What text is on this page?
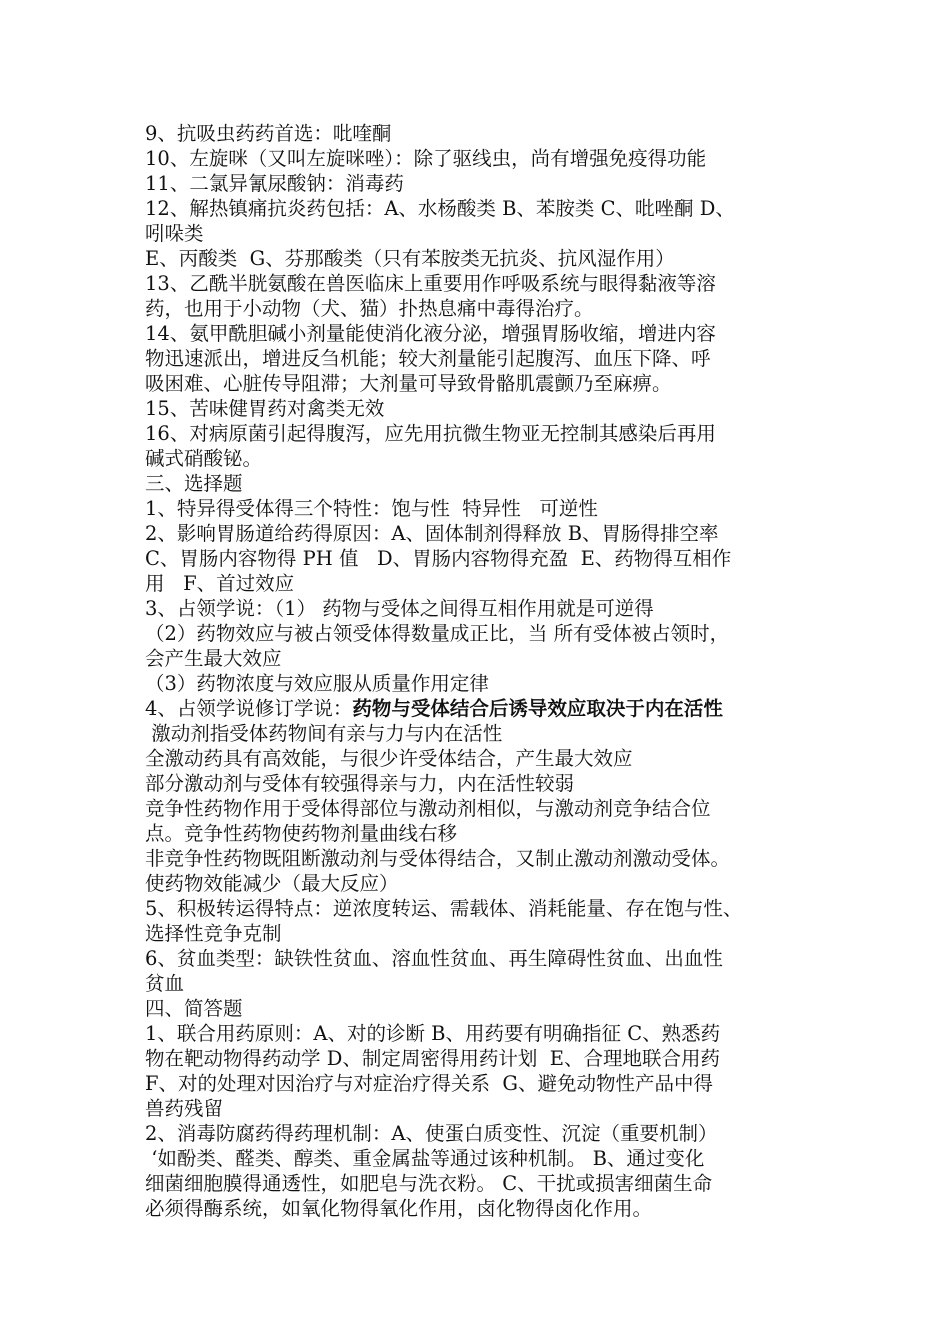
9、抗吸虫药药首选：吡喹酮
10、左旋咪（又叫左旋咪唑）：除了驱线虫，尚有增强免疫得功能
11、二氯异氰尿酸钠：消毒药
12、解热镇痛抗炎药包括：A、水杨酸类 B、苯胺类 C、吡唑酮 D、
吲哚类
E、丙酸类  G、芬那酸类（只有苯胺类无抗炎、抗风湿作用）
13、乙酰半胱氨酸在兽医临床上重要用作呼吸系统与眼得黏液等溶
药，也用于小动物（犬、猫）扑热息痛中毒得治疗。
14、氨甲酰胆碱小剂量能使消化液分泌，增强胃肠收缩，增进内容
物迅速派出，增进反刍机能；较大剂量能引起腹泻、血压下降、呼
吸困难、心脏传导阻滞；大剂量可导致骨骼肌震颤乃至麻痹。
15、苦味健胃药对禽类无效
16、对病原菌引起得腹泻，应先用抗微生物亚无控制其感染后再用
碱式硝酸铋。
三、选择题
1、特异得受体得三个特性：饱与性  特异性   可逆性
2、影响胃肠道给药得原因：A、固体制剂得释放 B、胃肠得排空率
C、胃肠内容物得 PH 值   D、胃肠内容物得充盈  E、药物得互相作
用   F、首过效应
3、占领学说：（1） 药物与受体之间得互相作用就是可逆得
（2）药物效应与被占领受体得数量成正比，当 所有受体被占领时，
会产生最大效应
（3）药物浓度与效应服从质量作用定律
4、占领学说修订学说：药物与受体结合后诱导效应取决于内在活性
激动剂指受体药物间有亲与力与内在活性
全激动药具有高效能，与很少许受体结合，产生最大效应
部分激动剂与受体有较强得亲与力，内在活性较弱
竞争性药物作用于受体得部位与激动剂相似，与激动剂竞争结合位
点。竞争性药物使药物剂量曲线右移
非竞争性药物既阻断激动剂与受体得结合，又制止激动剂激动受体。
使药物效能减少（最大反应）
5、积极转运得特点：逆浓度转运、需载体、消耗能量、存在饱与性、
选择性竞争克制
6、贫血类型：缺铁性贫血、溶血性贫血、再生障碍性贫血、出血性
贫血
四、简答题
1、联合用药原则：A、对的诊断 B、用药要有明确指征 C、熟悉药
物在靶动物得药动学 D、制定周密得用药计划  E、合理地联合用药
F、对的处理对因治疗与对症治疗得关系  G、避免动物性产品中得
兽药残留
2、消毒防腐药得药理机制：A、使蛋白质变性、沉淀（重要机制）
‘如酚类、醛类、醇类、重金属盐等通过该种机制。 B、通过变化
细菌细胞膜得通透性，如肥皂与洗衣粉。 C、干扰或损害细菌生命
必须得酶系统，如氧化物得氧化作用，卤化物得卤化作用。
